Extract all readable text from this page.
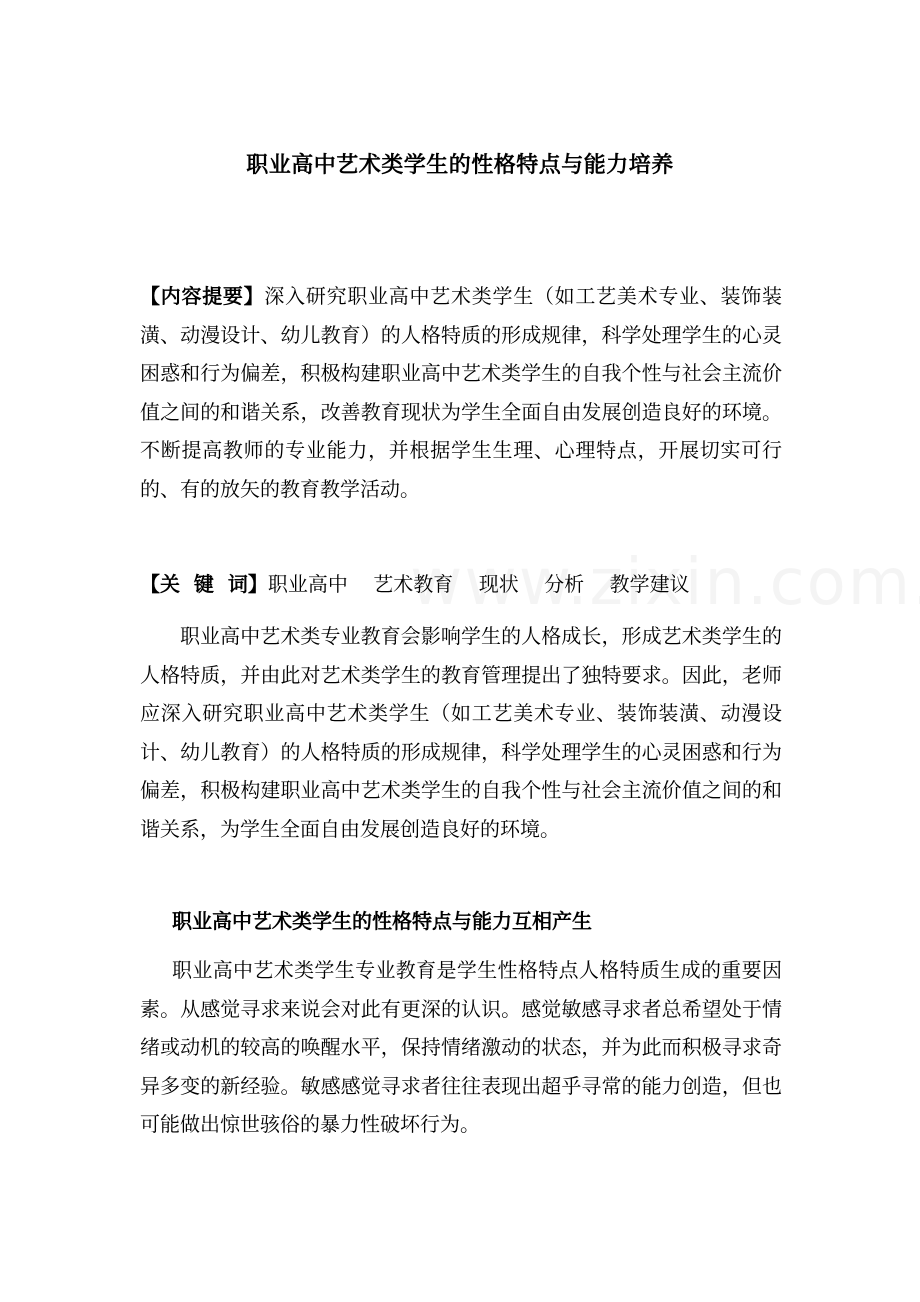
职业高中艺术类学生的性格特点与能力培养

【内容提要】深入研究职业高中艺术类学生（如工艺美术专业、装饰装潢、动漫设计、幼儿教育）的人格特质的形成规律，科学处理学生的心灵困惑和行为偏差，积极构建职业高中艺术类学生的自我个性与社会主流价值之间的和谐关系，改善教育现状为学生全面自由发展创造良好的环境。不断提高教师的专业能力，并根据学生生理、心理特点，开展切实可行的、有的放矢的教育教学活动。

【关  键  词】职业高中    艺术教育    现状    分析    教学建议

职业高中艺术类专业教育会影响学生的人格成长，形成艺术类学生的人格特质，并由此对艺术类学生的教育管理提出了独特要求。因此，老师应深入研究职业高中艺术类学生（如工艺美术专业、装饰装潢、动漫设计、幼儿教育）的人格特质的形成规律，科学处理学生的心灵困惑和行为偏差，积极构建职业高中艺术类学生的自我个性与社会主流价值之间的和谐关系，为学生全面自由发展创造良好的环境。

职业高中艺术类学生的性格特点与能力互相产生

职业高中艺术类学生专业教育是学生性格特点人格特质生成的重要因素。从感觉寻求来说会对此有更深的认识。感觉敏感寻求者总希望处于情绪或动机的较高的唤醒水平，保持情绪激动的状态，并为此而积极寻求奇异多变的新经验。敏感感觉寻求者往往表现出超乎寻常的能力创造，但也可能做出惊世骇俗的暴力性破坏行为。
